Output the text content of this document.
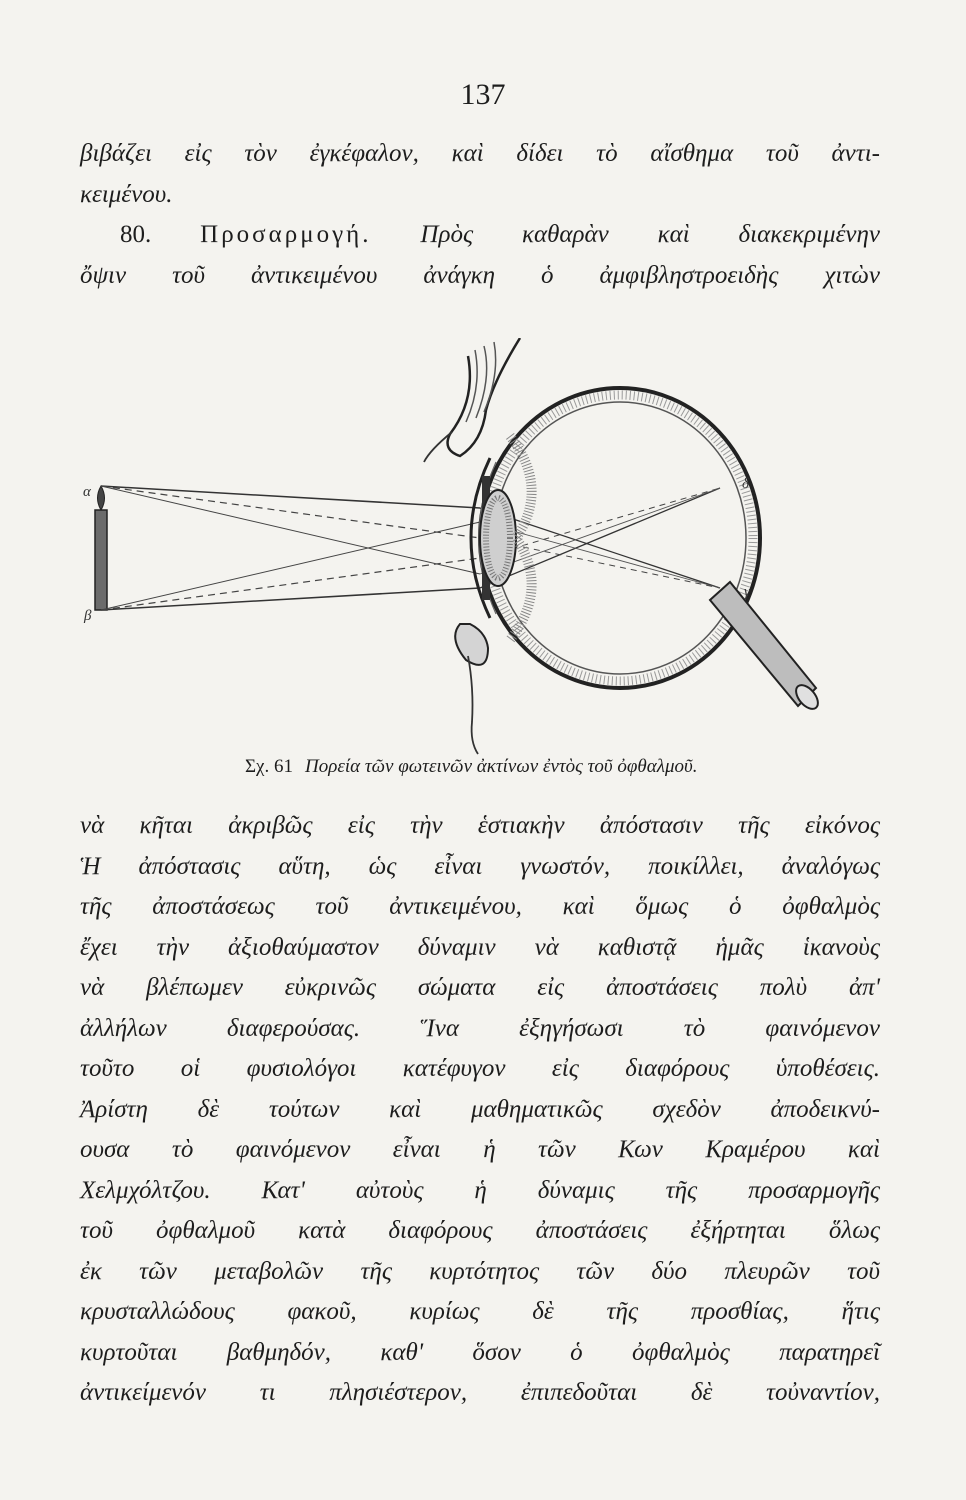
137
βιβάζει εἰς τὸν ἐγκέφαλον, καὶ δίδει τὸ αἴσθημα τοῦ ἀντι-
κειμένου.
80. Προσαρμογή. Πρὸς καθαρὰν καὶ διακεκριμένην
ὄψιν τοῦ ἀντικειμένου ἀνάγκη ὁ ἀμφιβληστροειδὴς χιτὼν
α
β
γ
δ
Σχ. 61 Πορεία τῶν φωτεινῶν ἀκτίνων ἐντὸς τοῦ ὀφθαλμοῦ.
νὰ κῆται ἀκριβῶς εἰς τὴν ἑστιακὴν ἀπόστασιν τῆς εἰκόνος
Ἡ ἀπόστασις αὕτη, ὡς εἶναι γνωστόν, ποικίλλει, ἀναλόγως
τῆς ἀποστάσεως τοῦ ἀντικειμένου, καὶ ὅμως ὁ ὀφθαλμὸς
ἔχει τὴν ἀξιοθαύμαστον δύναμιν νὰ καθιστᾷ ἡμᾶς ἱκανοὺς
νὰ βλέπωμεν εὐκρινῶς σώματα εἰς ἀποστάσεις πολὺ ἀπ'
ἀλλήλων διαφερούσας. Ἵνα ἐξηγήσωσι τὸ φαινόμενον
τοῦτο οἱ φυσιολόγοι κατέφυγον εἰς διαφόρους ὑποθέσεις.
Ἀρίστη δὲ τούτων καὶ μαθηματικῶς σχεδὸν ἀποδεικνύ-
ουσα τὸ φαινόμενον εἶναι ἡ τῶν Κων Κραμέρου καὶ
Χελμχόλτζου. Κατ' αὐτοὺς ἡ δύναμις τῆς προσαρμογῆς
τοῦ ὀφθαλμοῦ κατὰ διαφόρους ἀποστάσεις ἐξήρτηται ὅλως
ἐκ τῶν μεταβολῶν τῆς κυρτότητος τῶν δύο πλευρῶν τοῦ
κρυσταλλώδους φακοῦ, κυρίως δὲ τῆς προσθίας, ἥτις
κυρτοῦται βαθμηδόν, καθ' ὅσον ὁ ὀφθαλμὸς παρατηρεῖ
ἀντικείμενόν τι πλησιέστερον, ἐπιπεδοῦται δὲ τοὐναντίον,
